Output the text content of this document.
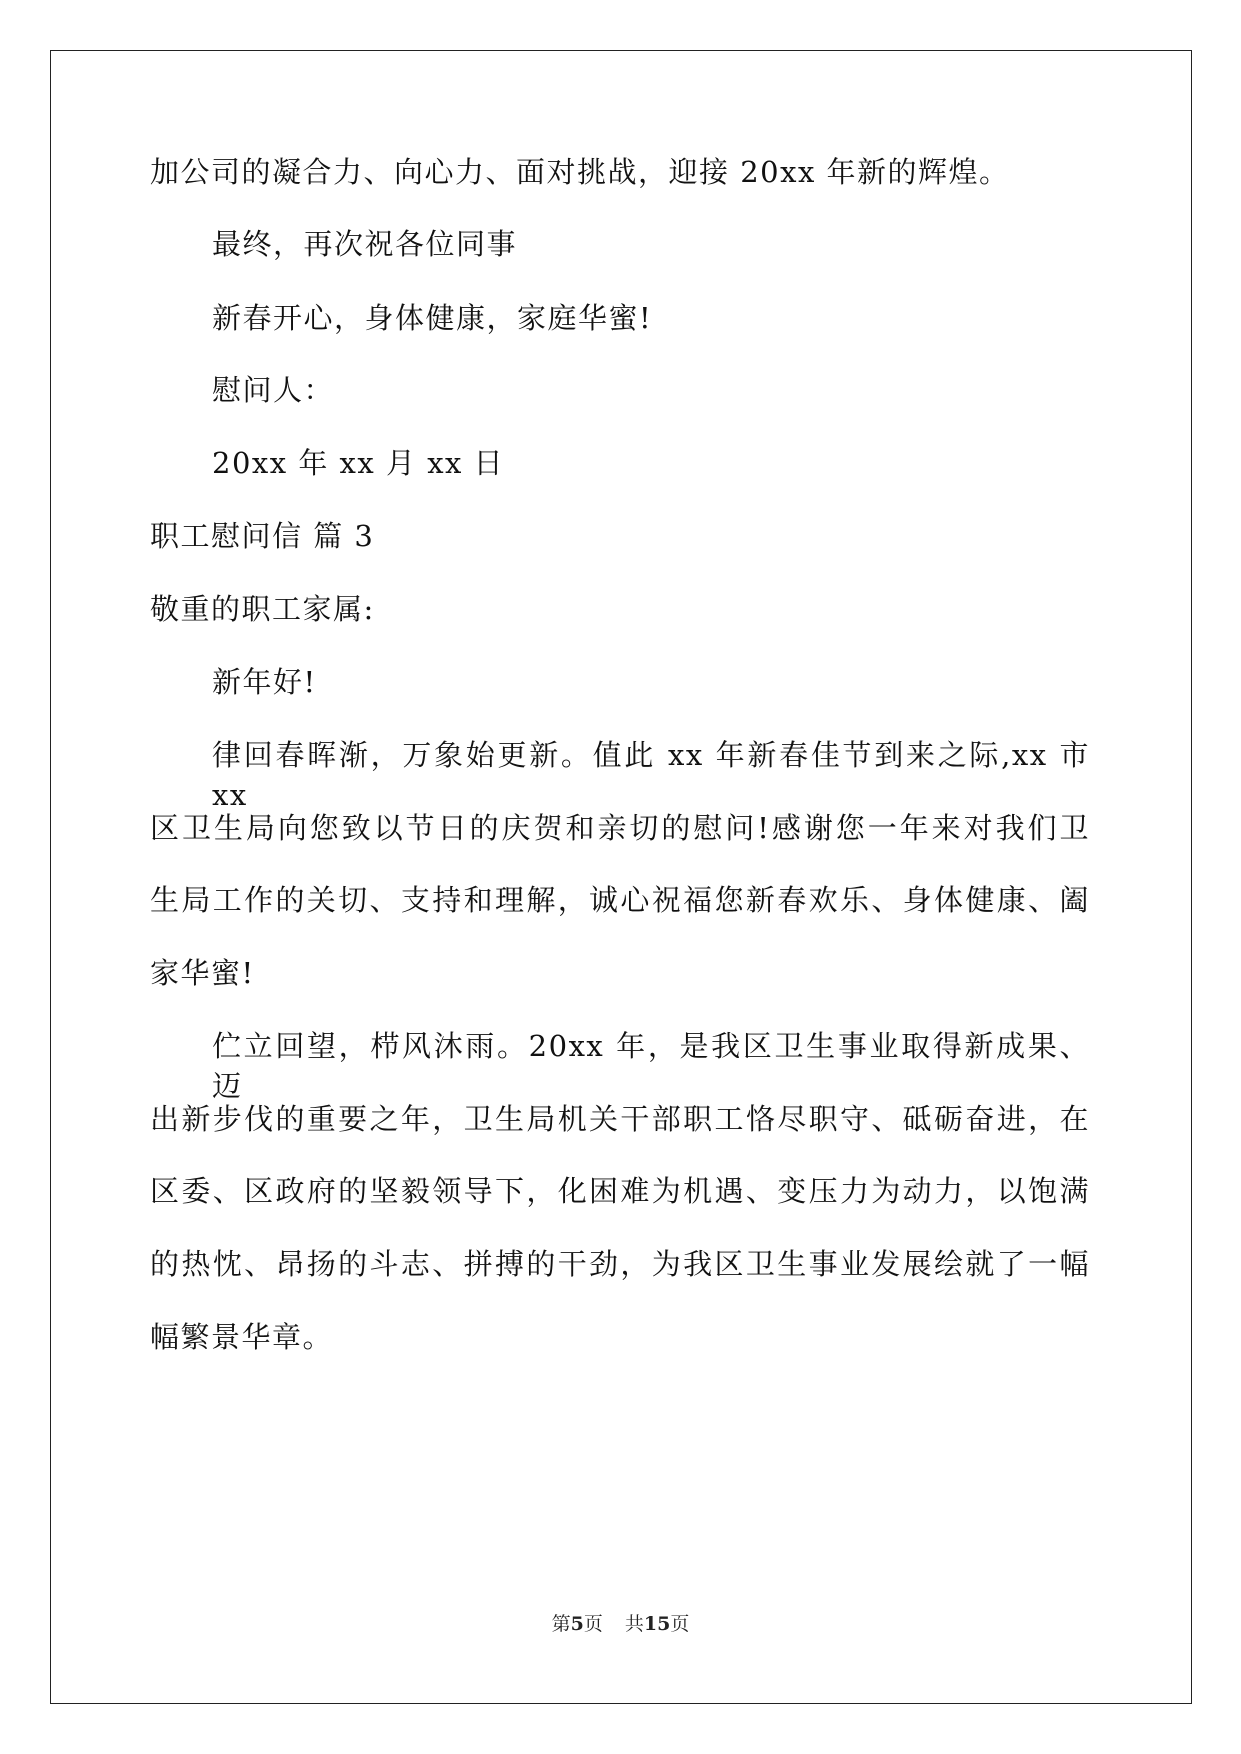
加公司的凝合力、向心力、面对挑战，迎接 20xx 年新的辉煌。
最终，再次祝各位同事
新春开心，身体健康，家庭华蜜!
慰问人：
20xx 年 xx 月 xx 日
职工慰问信 篇 3
敬重的职工家属:
新年好!
律回春晖渐，万象始更新。值此 xx 年新春佳节到来之际,xx 市 xx
区卫生局向您致以节日的庆贺和亲切的慰问!感谢您一年来对我们卫
生局工作的关切、支持和理解，诚心祝福您新春欢乐、身体健康、阖
家华蜜!
伫立回望，栉风沐雨。20xx 年，是我区卫生事业取得新成果、迈
出新步伐的重要之年，卫生局机关干部职工恪尽职守、砥砺奋进，在
区委、区政府的坚毅领导下，化困难为机遇、变压力为动力，以饱满
的热忱、昂扬的斗志、拼搏的干劲，为我区卫生事业发展绘就了一幅
幅繁景华章。
第5页 共15页
